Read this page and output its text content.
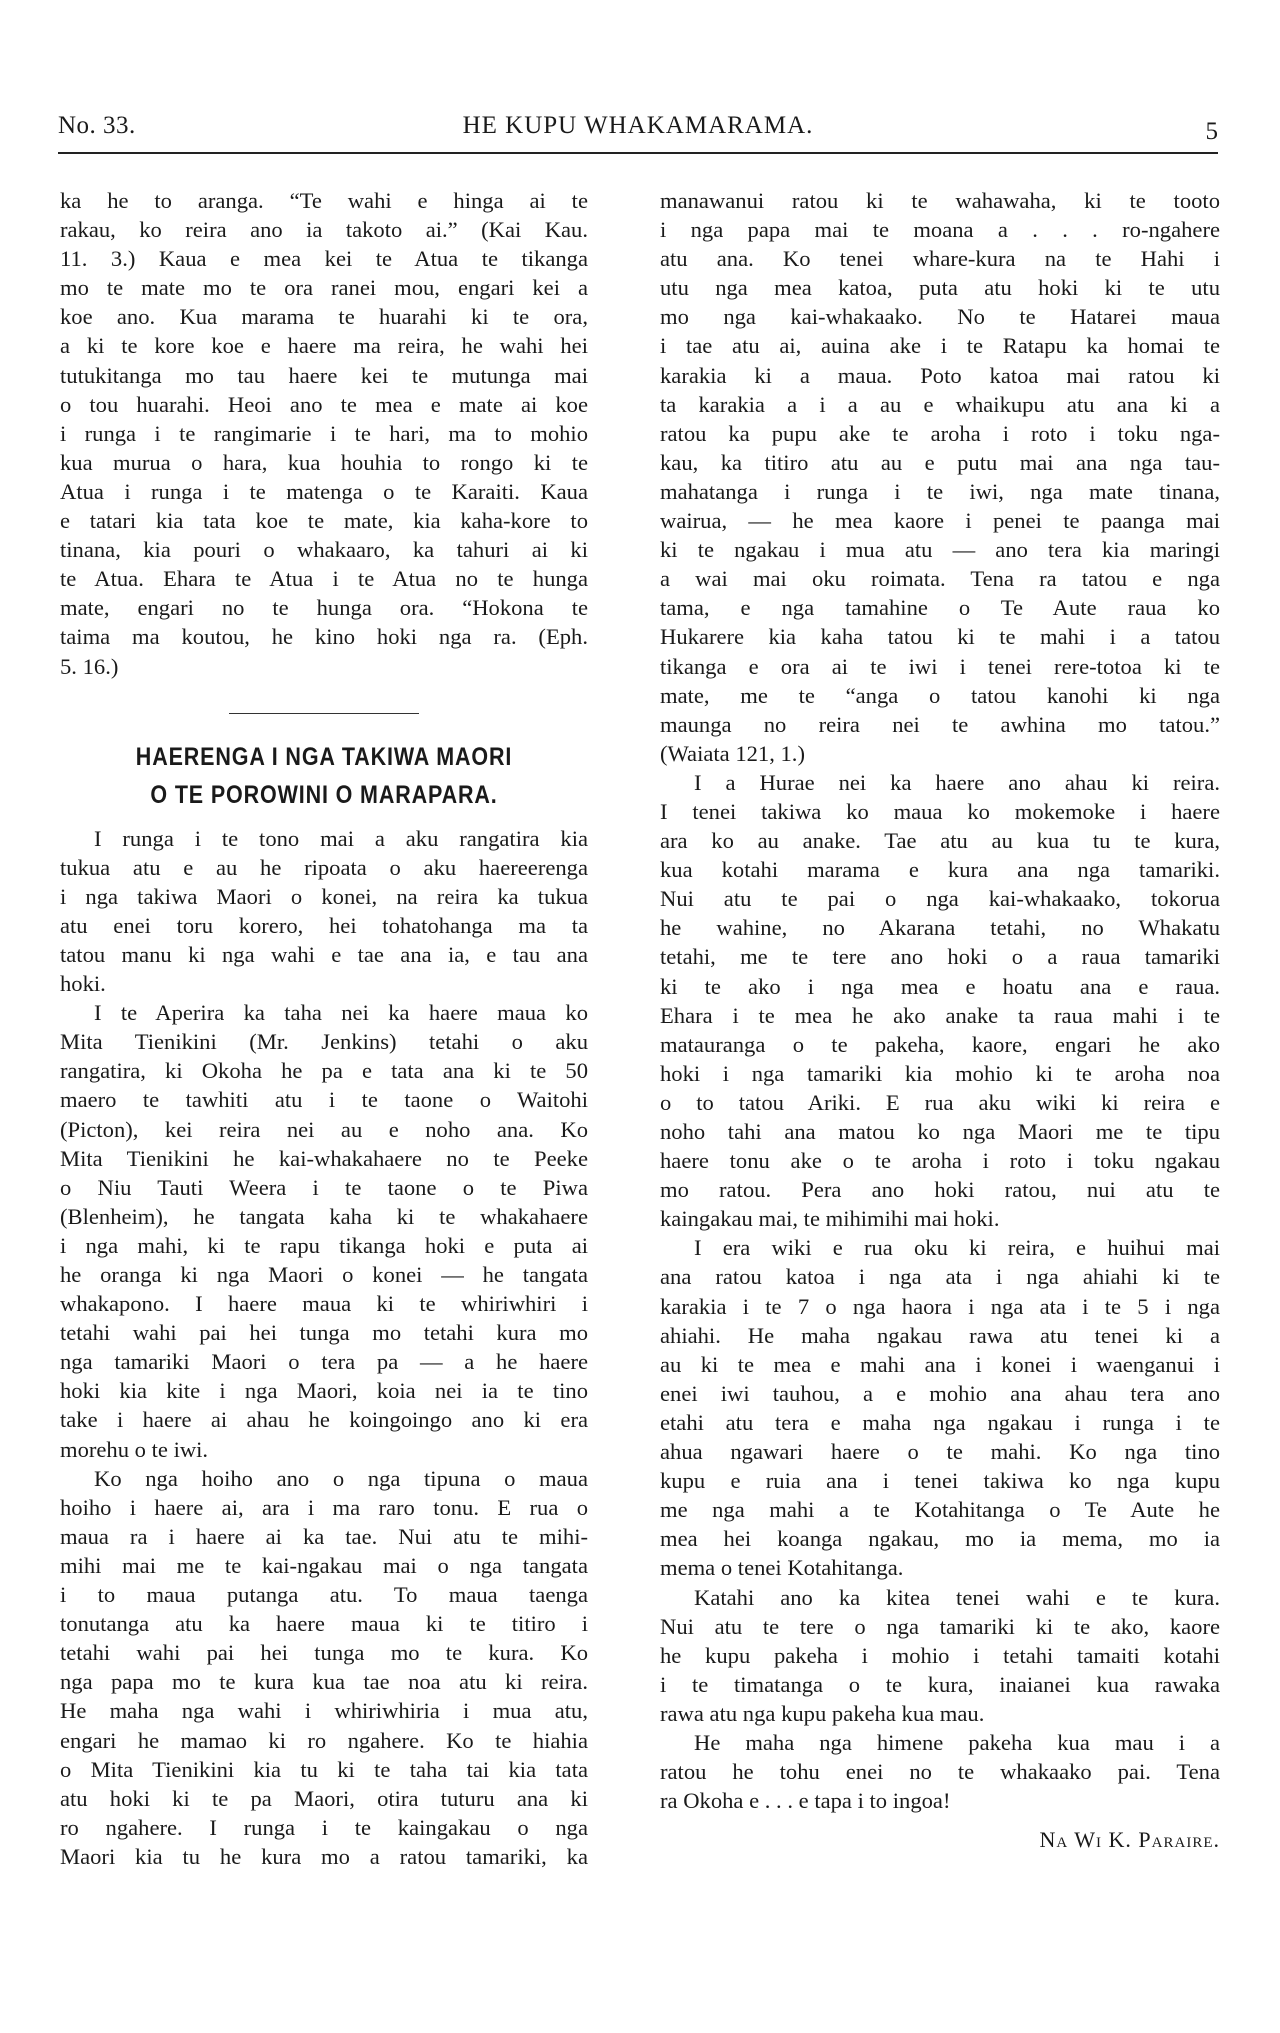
No. 33.	HE KUPU WHAKAMARAMA.	5
ka he to aranga. “Te wahi e hinga ai te
rakau, ko reira ano ia takoto ai.” (Kai Kau.
11. 3.) Kaua e mea kei te Atua te tikanga
mo te mate mo te ora ranei mou, engari kei a
koe ano. Kua marama te huarahi ki te ora,
a ki te kore koe e haere ma reira, he wahi hei
tutukitanga mo tau haere kei te mutunga mai
o tou huarahi. Heoi ano te mea e mate ai koe
i runga i te rangimarie i te hari, ma to mohio
kua murua o hara, kua houhia to rongo ki te
Atua i runga i te matenga o te Karaiti. Kaua
e tatari kia tata koe te mate, kia kaha-kore to
tinana, kia pouri o whakaaro, ka tahuri ai ki
te Atua. Ehara te Atua i te Atua no te hunga
mate, engari no te hunga ora. “Hokona te
taima ma koutou, he kino hoki nga ra. (Eph.
5. 16.)
HAERENGA I NGA TAKIWA MAORI
O TE POROWINI O MARAPARA.
I runga i te tono mai a aku rangatira kia
tukua atu e au he ripoata o aku haereerenga
i nga takiwa Maori o konei, na reira ka tukua
atu enei toru korero, hei tohatohanga ma ta
tatou manu ki nga wahi e tae ana ia, e tau ana
hoki.
I te Aperira ka taha nei ka haere maua ko
Mita Tienikini (Mr. Jenkins) tetahi o aku
rangatira, ki Okoha he pa e tata ana ki te 50
maero te tawhiti atu i te taone o Waitohi
(Picton), kei reira nei au e noho ana. Ko
Mita Tienikini he kai-whakahaere no te Peeke
o Niu Tauti Weera i te taone o te Piwa
(Blenheim), he tangata kaha ki te whakahaere
i nga mahi, ki te rapu tikanga hoki e puta ai
he oranga ki nga Maori o konei — he tangata
whakapono. I haere maua ki te whiriwhiri i
tetahi wahi pai hei tunga mo tetahi kura mo
nga tamariki Maori o tera pa — a he haere
hoki kia kite i nga Maori, koia nei ia te tino
take i haere ai ahau he koingoingo ano ki era
morehu o te iwi.
Ko nga hoiho ano o nga tipuna o maua
hoiho i haere ai, ara i ma raro tonu. E rua o
maua ra i haere ai ka tae. Nui atu te mihi-
mihi mai me te kai-ngakau mai o nga tangata
i to maua putanga atu. To maua taenga
tonutanga atu ka haere maua ki te titiro i
tetahi wahi pai hei tunga mo te kura. Ko
nga papa mo te kura kua tae noa atu ki reira.
He maha nga wahi i whiriwhiria i mua atu,
engari he mamao ki ro ngahere. Ko te hiahia
o Mita Tienikini kia tu ki te taha tai kia tata
atu hoki ki te pa Maori, otira tuturu ana ki
ro ngahere. I runga i te kaingakau o nga
Maori kia tu he kura mo a ratou tamariki, ka
manawanui ratou ki te wahawaha, ki te tooto
i nga papa mai te moana a . . . ro-ngahere
atu ana. Ko tenei whare-kura na te Hahi i
utu nga mea katoa, puta atu hoki ki te utu
mo nga kai-whakaako. No te Hatarei maua
i tae atu ai, auina ake i te Ratapu ka homai te
karakia ki a maua. Poto katoa mai ratou ki
ta karakia a i a au e whaikupu atu ana ki a
ratou ka pupu ake te aroha i roto i toku nga-
kau, ka titiro atu au e putu mai ana nga tau-
mahatanga i runga i te iwi, nga mate tinana,
wairua, — he mea kaore i penei te paanga mai
ki te ngakau i mua atu — ano tera kia maringi
a wai mai oku roimata. Tena ra tatou e nga
tama, e nga tamahine o Te Aute raua ko
Hukarere kia kaha tatou ki te mahi i a tatou
tikanga e ora ai te iwi i tenei rere-totoa ki te
mate, me te “anga o tatou kanohi ki nga
maunga no reira nei te awhina mo tatou.”
(Waiata 121, 1.)
I a Hurae nei ka haere ano ahau ki reira.
I tenei takiwa ko maua ko mokemoke i haere
ara ko au anake. Tae atu au kua tu te kura,
kua kotahi marama e kura ana nga tamariki.
Nui atu te pai o nga kai-whakaako, tokorua
he wahine, no Akarana tetahi, no Whakatu
tetahi, me te tere ano hoki o a raua tamariki
ki te ako i nga mea e hoatu ana e raua.
Ehara i te mea he ako anake ta raua mahi i te
matauranga o te pakeha, kaore, engari he ako
hoki i nga tamariki kia mohio ki te aroha noa
o to tatou Ariki. E rua aku wiki ki reira e
noho tahi ana matou ko nga Maori me te tipu
haere tonu ake o te aroha i roto i toku ngakau
mo ratou. Pera ano hoki ratou, nui atu te
kaingakau mai, te mihimihi mai hoki.
I era wiki e rua oku ki reira, e huihui mai
ana ratou katoa i nga ata i nga ahiahi ki te
karakia i te 7 o nga haora i nga ata i te 5 i nga
ahiahi. He maha ngakau rawa atu tenei ki a
au ki te mea e mahi ana i konei i waenganui i
enei iwi tauhou, a e mohio ana ahau tera ano
etahi atu tera e maha nga ngakau i runga i te
ahua ngawari haere o te mahi. Ko nga tino
kupu e ruia ana i tenei takiwa ko nga kupu
me nga mahi a te Kotahitanga o Te Aute he
mea hei koanga ngakau, mo ia mema, mo ia
mema o tenei Kotahitanga.
Katahi ano ka kitea tenei wahi e te kura.
Nui atu te tere o nga tamariki ki te ako, kaore
he kupu pakeha i mohio i tetahi tamaiti kotahi
i te timatanga o te kura, inaianei kua rawaka
rawa atu nga kupu pakeha kua mau.
He maha nga himene pakeha kua mau i a
ratou he tohu enei no te whakaako pai. Tena
ra Okoha e . . . e tapa i to ingoa!
Na Wi K. Paraire.
